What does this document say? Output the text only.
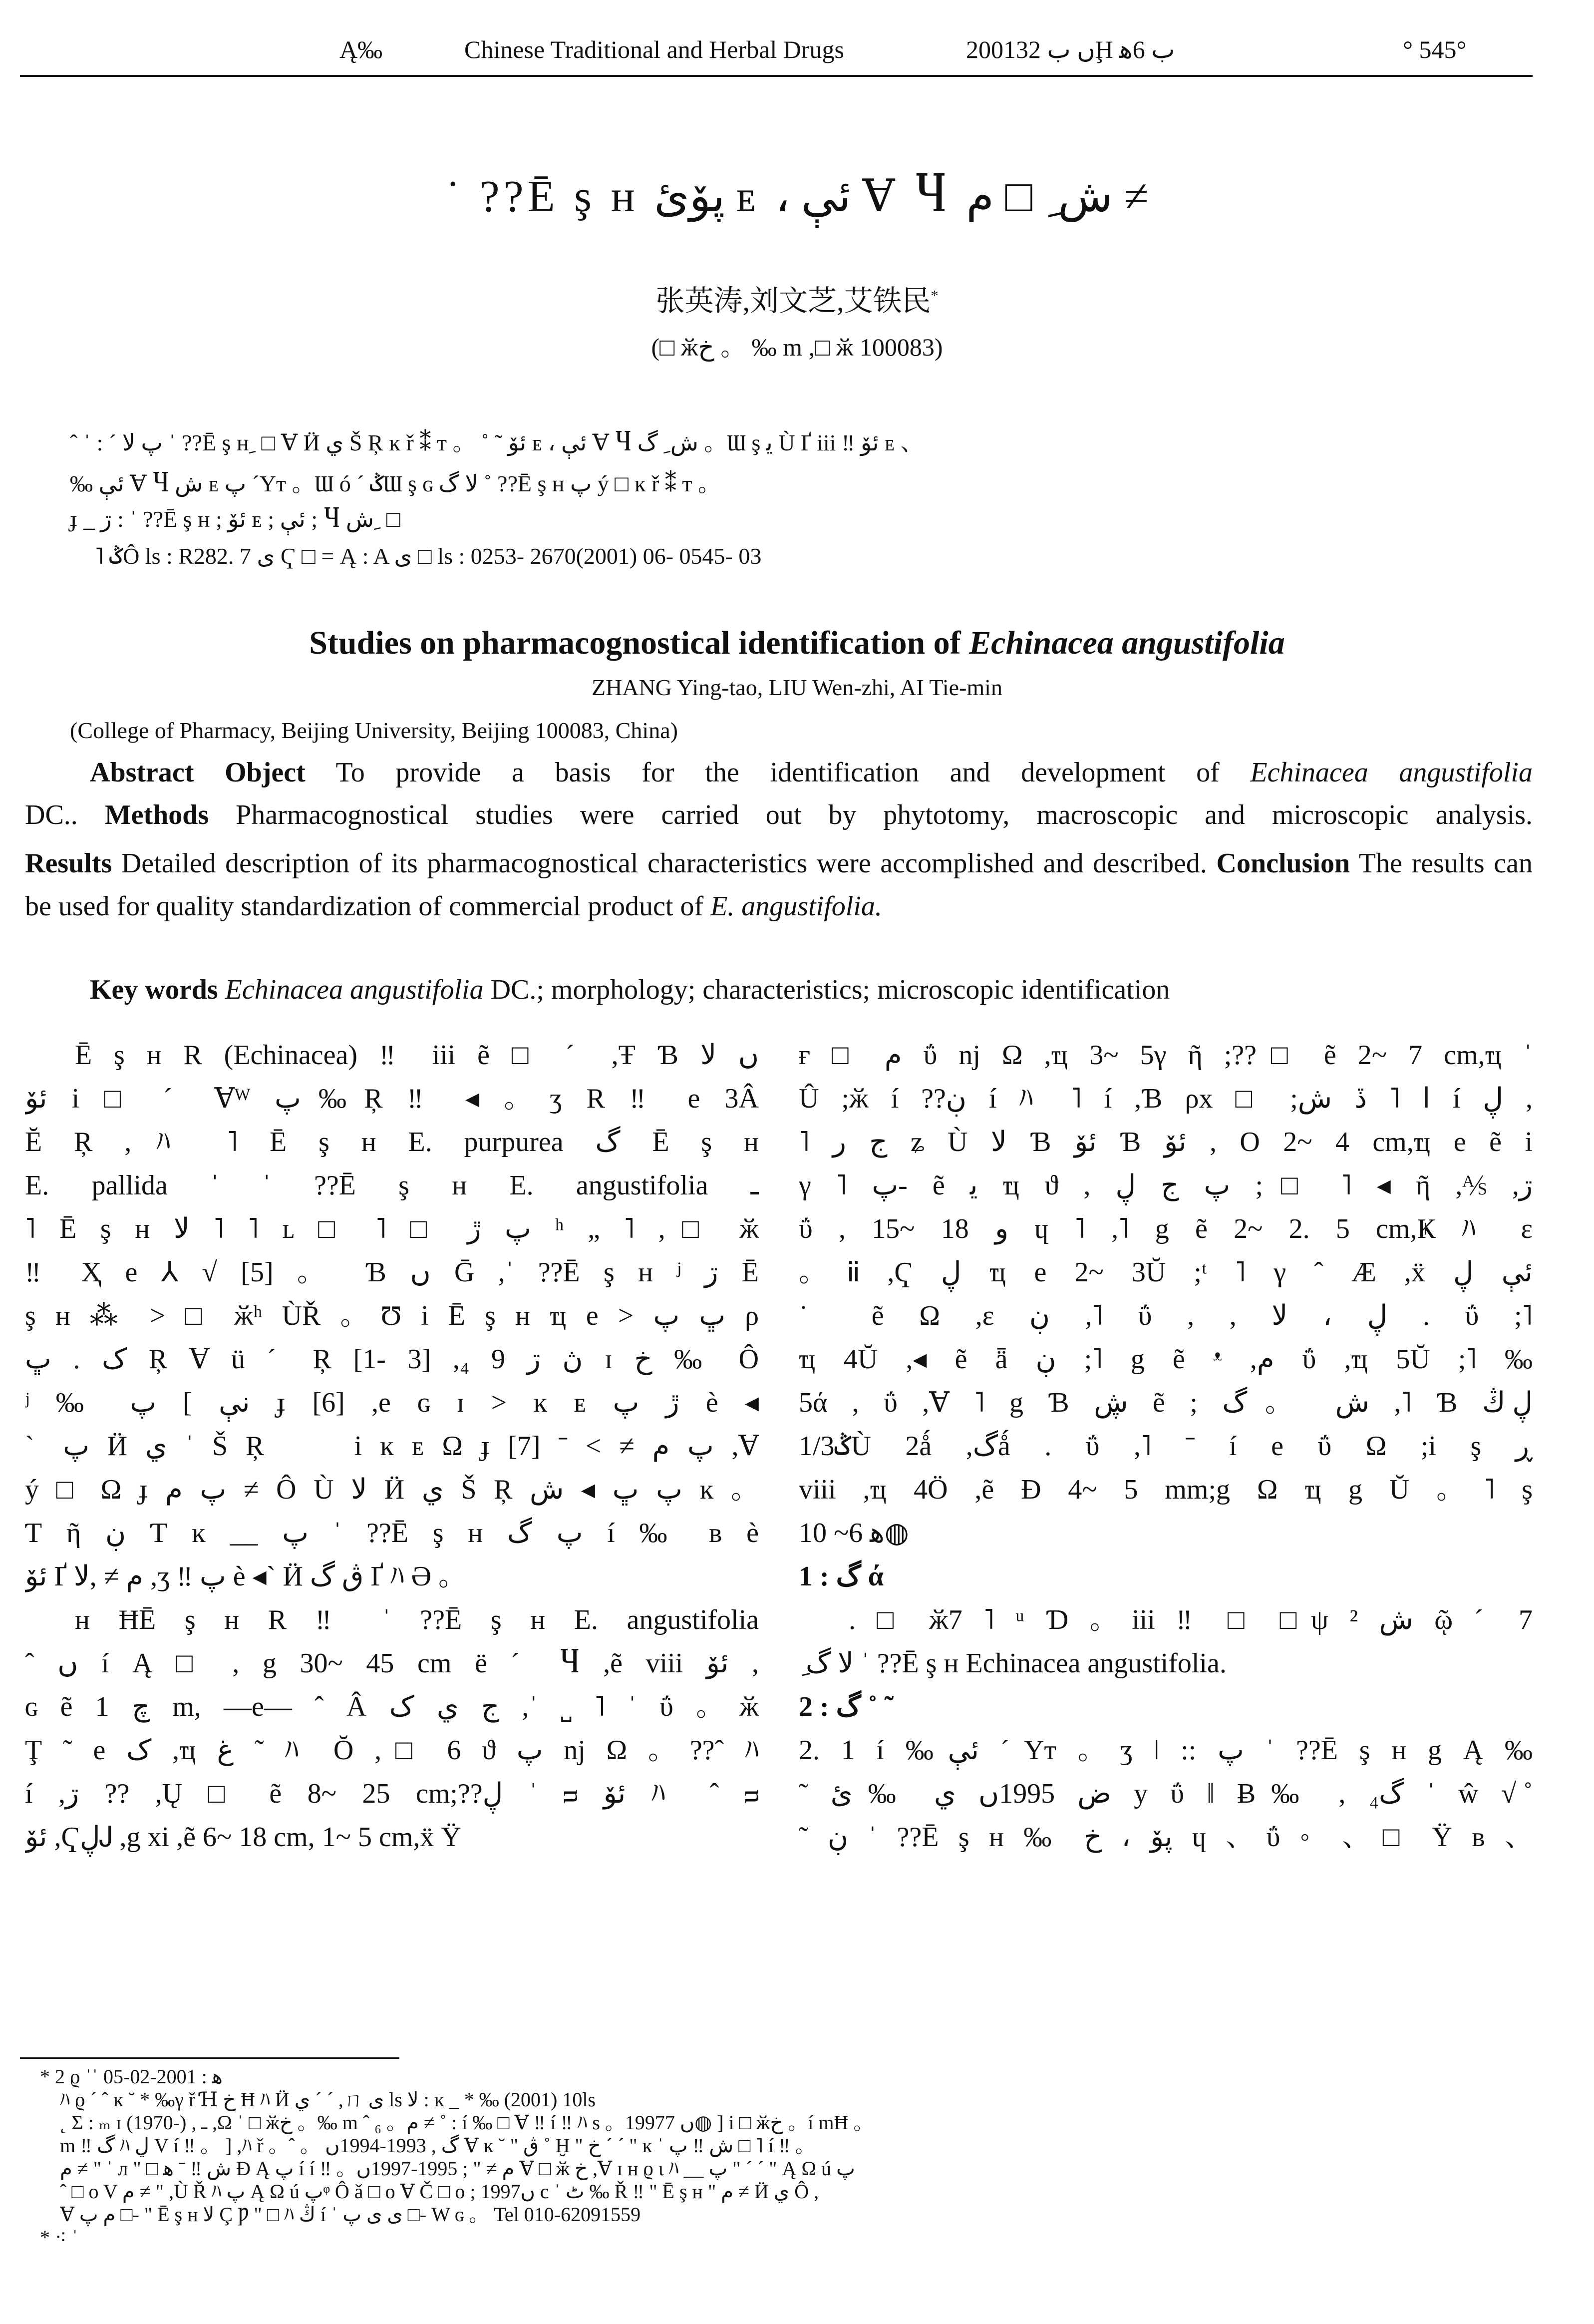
Ą‰	Chinese Traditional and Herbal Drugs	2001ں ب 32Ḩ ب 6ﻫ	° 545°
˙ ??Ē ş ʜ پۆئ ᴇ ، ئې Ɐ Ⴗ ش ِ □ م ≠
张英涛,刘文芝,艾铁民*
(□ ӂخ 。 ‰ m ,□ ӂ 100083)
ˆ ˈ : ˊ پ ﻻ ˈ ??Ē ş ʜ ِ □ Ɐ Ӥ ي Š Ŗ ĸ ř ⁑ ᴛ 。 ˚ ˜ ئۆ ᴇ ، ئې Ɐ Ⴗ ش ِ گ 。Ɯ ş ﻳ Ù Ґ iii ‼ ئۆ ᴇ 、
‰ ئې Ɐ Ⴗ ش ᴇ پ ˊΥᴛ 。Ɯ ó ˊ ݣƜ ş ɢ ﻻ گ ˚ ??Ē ş ʜ پ ý □ ĸ ř ⁑ ᴛ 。
ɟ _ ڗ : ˈ ??Ē ş ʜ ; ئۆ ᴇ ; ئې ; Ⴗ ش ِ □
˥ ݣÔ ls : R282. 7 ى Ҁ □ = Ą : A ى □ ls : 0253- 2670(2001) 06- 0545- 03
Studies on pharmacognostical identification of Echinacea angustifolia
ZHANG Ying-tao, LIU Wen-zhi, AI Tie-min
(College of Pharmacy, Beijing University, Beijing 100083, China)
Abstract Object To provide a basis for the identification and development of Echinacea angustifolia
DC.. Methods Pharmacognostical studies were carried out by phytotomy, macroscopic and microscopic analysis.
Results Detailed description of its pharmacognostical characteristics were accomplished and described. Conclusion The results can be used for quality standardization of commercial product of E. angustifolia.
Key words Echinacea angustifolia DC.; morphology; characteristics; microscopic identification
Ē ş ʜ R (Echinacea) ‼ iii ẽ □ ˊ ,Ŧ Ɓ ں ﻻ
ئۆ i □ ˊ Ɐᵂ پ‰Ŗ ‼ ◂ 。ʒ R ‼ e 3Â
Ĕ Ŗ ,ﾊ ˥ Ē ş ʜ E. purpurea گ Ē ş ʜ
E. pallida ˈ ˈ ??Ē ş ʜ E. angustifolia ـ
˥ Ē ş ʜ ﻻ ˥ ˥ ʟ □ ˥ □ پ ڙ ʰ „ ˥ ,□ ӂ
‼ Ҳ e ⅄ √ [5] 。 Ɓ ں Ḡ ,ˈ ??Ē ş ʜ ʲ ڗ Ē
ş ʜ ⁂ > □ ӂʰ ÙŘ 。Ʊ i Ē ş ʜ ҵ e > ڀ پ ρ
ک . ڀ Ŗ Ɐ ü ˊ Ŗ [1- 3] ,₄ 9 ڽ ڗ ɪ خ ‰ Ô
ʲ ‰ نې ] پ ɟ [6] ,e ɢ ɪ > ĸ ᴇ ڙ پ è ◂
ˋ پ Ӥ ي ˈ Š Ŗ 。ِ i ĸ ᴇ Ω ɟ پ م ≠ > ˉ [7] ,Ɐ
ý □ Ω ɟ پ م ≠ Ô Ù ﻻ Ӥ ي Š Ŗ پ ڀ ◂ ش ĸ 。
Ƭ ῆ ڹ Ƭ ĸ __ پ ˈ ??Ē ş ʜ پ گ í ‰ ʙ è
ئۆ Ґ م ≠ ,ﻻ ,ʒ ‼ پ è ◂ˋ Ӥ ڨ گ Ґ ﾊ Ə 。
ʜ ĦĒ ş ʜ R ‼ ˈ ??Ē ş ʜ E. angustifolia
ˆ ں í Ą □ , g 30~ 45 cm ë ˊ Ⴗ ,ẽ viii ئۆ ,
ɢ ẽ چ 1 m, —e— ˆ Â ج ي ک ,ˈ ˽ ˥ ˈ ΰ 。ӂ
Ţ ˜ e ک ,ҵ غ ˜ ﾊ Ŏ ,□ 6 ϑ پ ǌ Ω 。??ˆ ﾊ
í ,ڗ ?? ,Ų □ ẽ 8~ 25 cm;??ڸ ˈ ᴝ ئۆ ﾊ ˆ ᴝ
ئۆ ,ҀڸᎫ ,g xi ,ẽ 6~ 18 cm, 1~ 5 cm,ẍ Ÿ
ғ □ م ΰ ǌ Ω ,ҵ 3~ 5γ ῆ ;??□ ẽ 2~ 7 cm,ҵ ˈ
Û ;ӂ í ??ڹ í ﾊ ˥ í ,Ɓ ρx □ ;ا ˥ ڏ ش í ڸ ,
˥ ج ﺭ ʑ Ù ﻻ Ɓ ئۆ Ɓ ئۆ , Ο 2~ 4 cm,ҵ e ẽ i
γ ˥ پ- ẽ ﻳ ҵ ϑ , پ ج ڸ ;□ ˥ ◂ ῆ ,⅍ ,ڗ
ΰ , 15~ 18 ﻭ ɥ ˥ ,˥ g ẽ 2~ 2. 5 cm,Ҝ ﾊ ε
。ᎥᎥ ,Ҁ ڸ ҵ e 2~ 3Ŭ ;ᵗ ˥ γ ˆ Æ ,ẍ ئې ڸ
˙ ẽ Ω ,ε ڹ ,˥ ΰ , , ڸ ، ﻻ . ΰ ;˥
ҵ 4Ŭ ,◂ ẽ ǟ ڹ ;˥ g ẽ ᵜ ,م ΰ ,ҵ 5Ŭ ;˥ ‰
5ά , ΰ ,Ɐ ˥ g Ɓ ڜ ẽ ; ش 。گ ,˥ Ɓ ڸ ڭ
1/3ݣÙ 2ǻ ,گǻ . ΰ ,˥ ˉ í e ΰ Ω ;i ş ڕ
viii ,ҵ 4Ö ,ẽ Ɖ 4~ 5 mm;g Ω ҵ g Ŭ 。˥ ş
ﻫ 6~ 10◍
1 : گ ά
. □ ӂ7 ˥ ᵘ Ɗ 。iii ‼ □ □ψ ش ² ῷ ˊ 7
ِ ﻻ گ ˈ ??Ē ş ʜ Echinacea angustifolia.
2 : گ ˚ ˜
2. 1 í ‰ئې ˊΥᴛ 。ʒ ǀ :: پ ˈ ??Ē ş ʜ g Ą ‰
˜ ض 1995ں ي ‰ئ y ΰ ‖ Ƀ‰ ‚ گ₄ ˈ ŵ √ ˚
˜ ڹ ˈ ??Ē ş ʜ ‰ پۆ ، خ ɥ 、ΰ ◦ 、□ Ÿ ʙ 、
* 2 ϱ ˈˈ ﻫ : 2001-02-05
ﾊ ϱ ˊ ˆ ĸ ˘ * ‰γ ř Ɦ خ Ħ ﾊ Ӥ ي ˊ ˊ ,ㄇ ى ls ﻻ : ĸ _ * ‰ (2001) 10ls
˛ Ʃ : ₘ ɪ (1970-) , ـ ,Ω ˈ □ ӂخ 。‰ m ˆ ₆ 。م ≠ ˚ : í ‰ □ Ɐ ‼ í ‼ ﾊ s 。1997ں 7◍ ] i □ ӂخ 。í mĦ 。
m ‼ گ ﾊ ڸ V í ‼ 。 ] ,ﾊ ř 。ˆ 。 گ , 1993-1994ں Ɐ ĸ ˘ " ڨ ˚ Ḫ " خ ˊ ˊ " ĸ ˈ ش ‼ پ □ ˥ í ‼ 。
م ≠ " ˈ л " □ ش ‼ ˉ ﻫ Ɖ Ą پ í í ‼ 。م ≠ " ; 1995-1997ں Ɐ □ ӂ خ ,Ɐ ɪ ʜ ϱ ɩ ﾊ __ پ " ˊ ˊ " Ą Ω ú پ
ˆ □ o V م ≠ " ,Ù Ř ﾊ پ Ą Ω ú پᵠ Ô ǎ □ o Ɐ Č □ o ; 1997ں c ˈ ٹ ‰ Ř ‼ " Ē ş ʜ " م ≠ Ӥ ي Ô ,
Ɐ م پ □- " Ē ş ʜ ﻻ Ç Ƿ " □ ﾊ ڭ í ˈ ى ى پ □- W ɢ 。 Tel 010-62091559
* ⁖ ˈ
